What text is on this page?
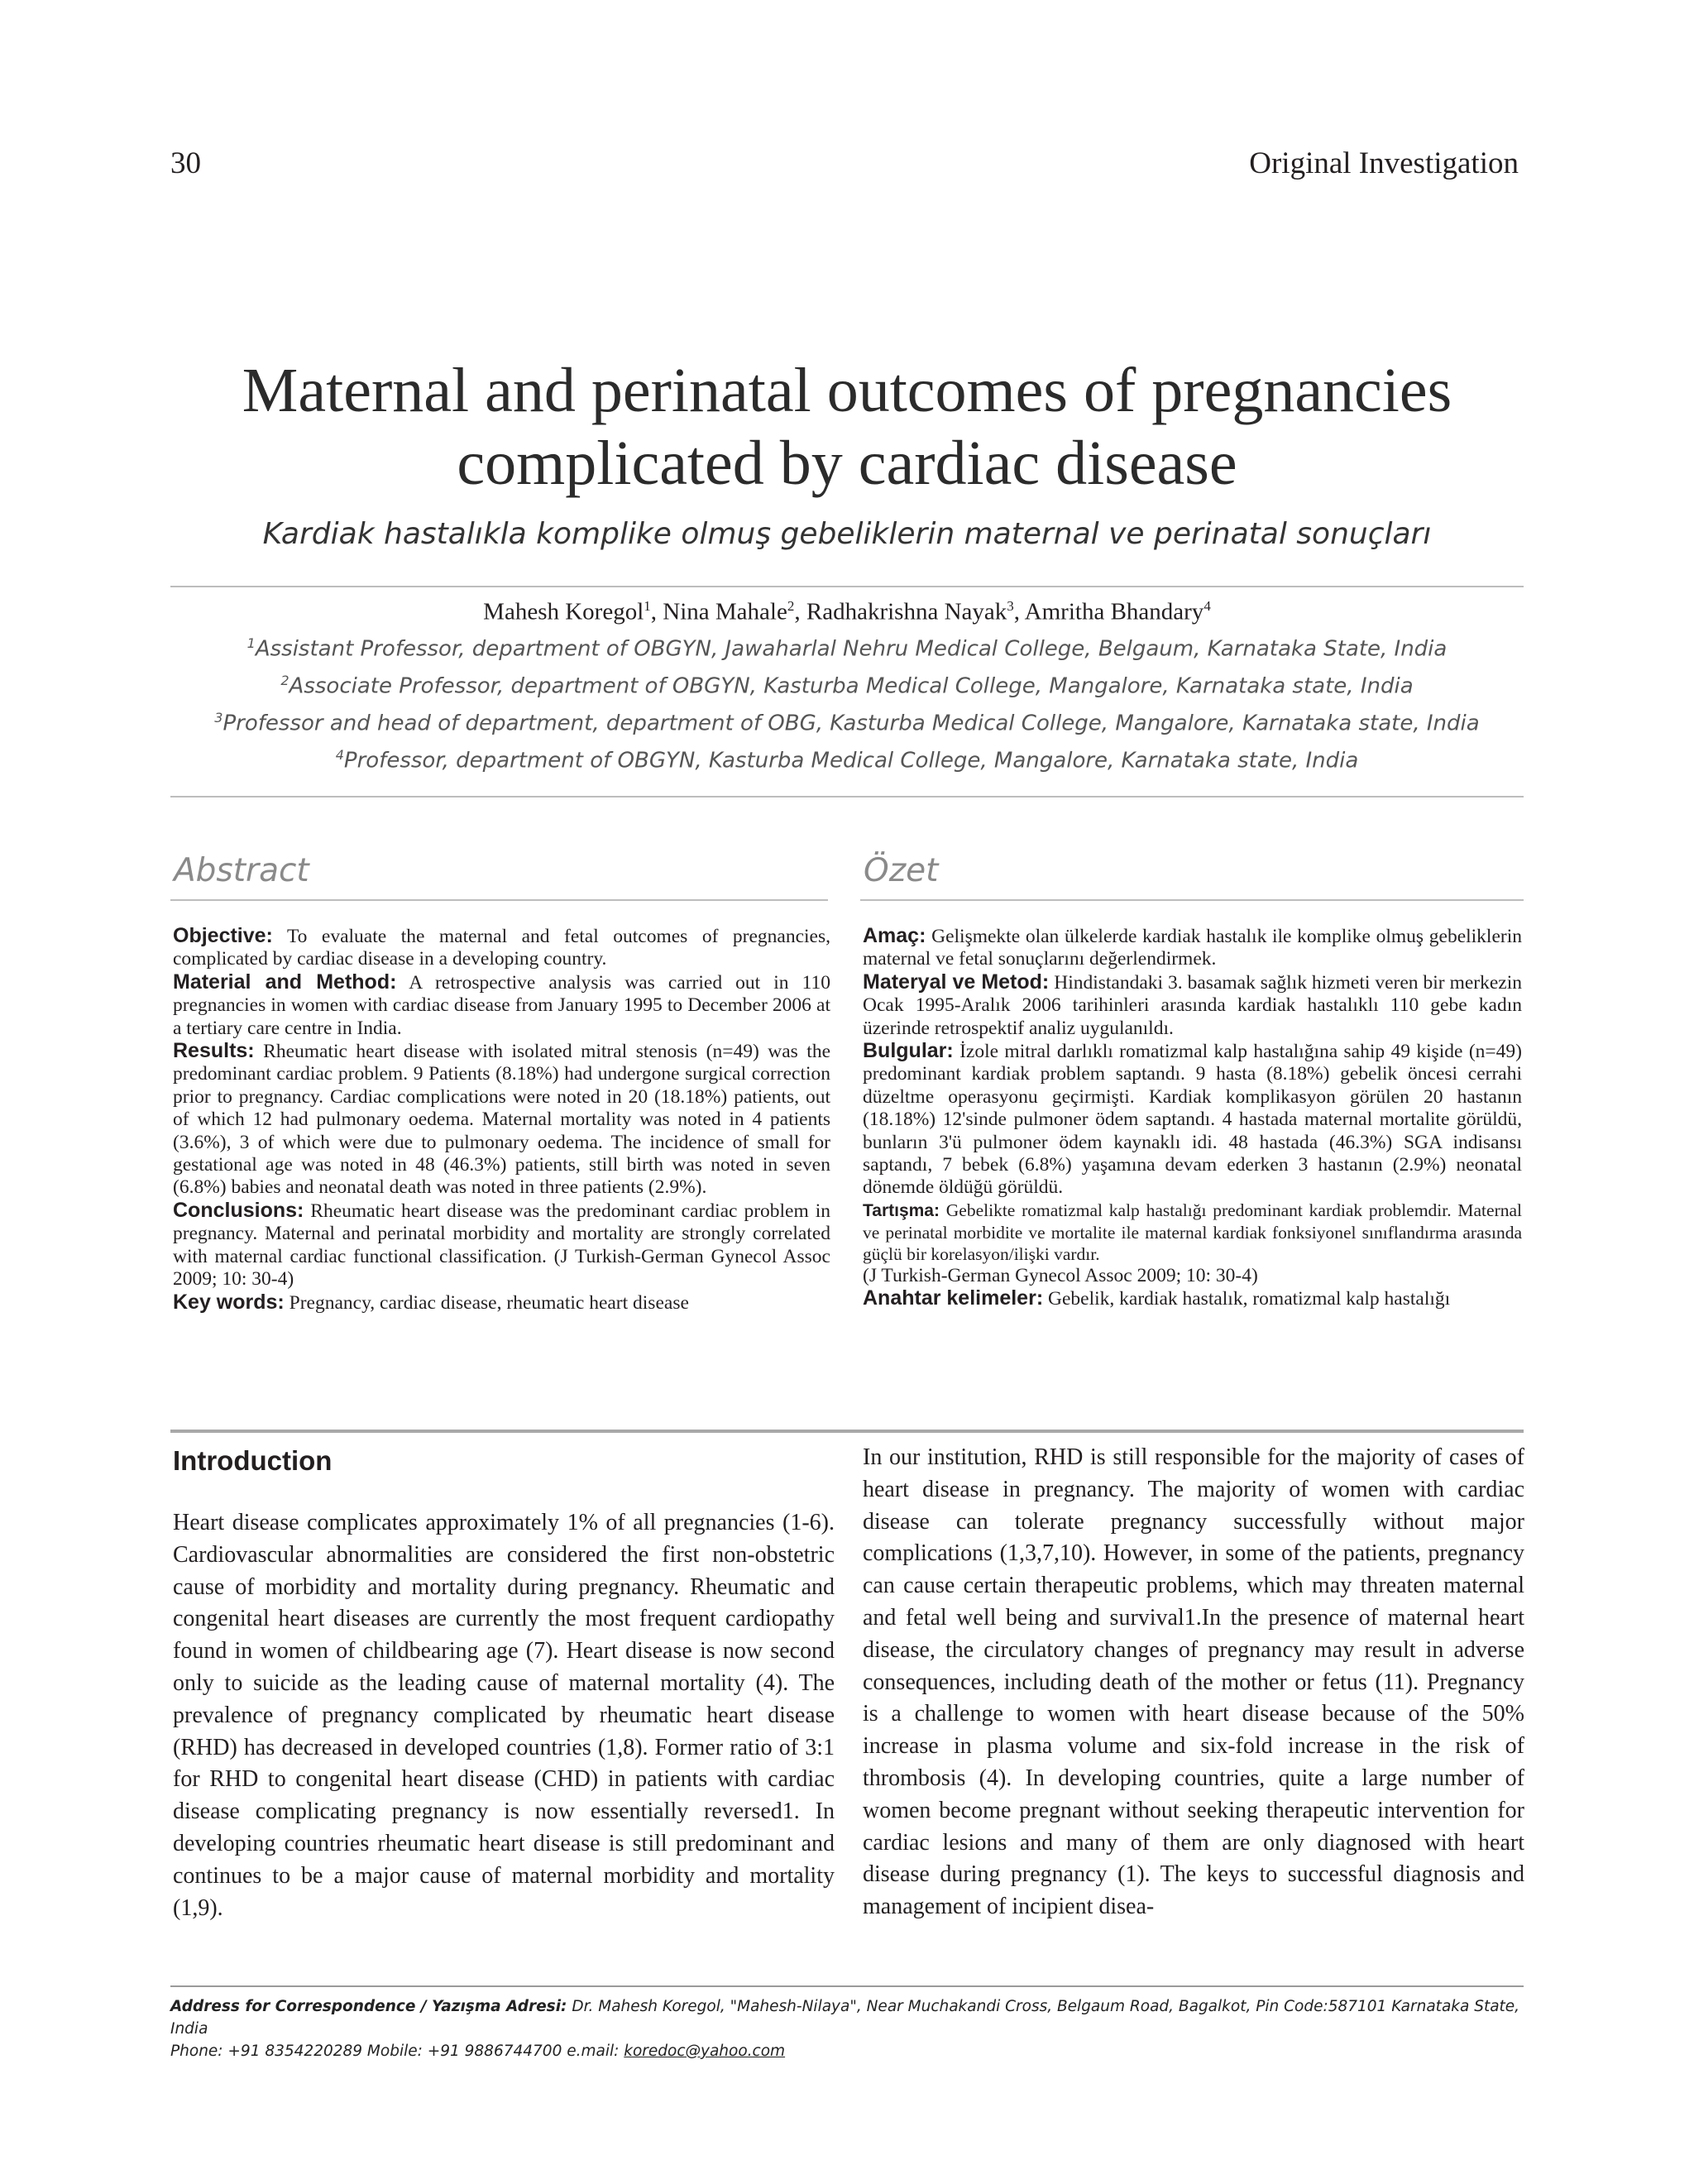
30	Original Investigation
Maternal and perinatal outcomes of pregnancies
complicated by cardiac disease
Kardiak hastalıkla komplike olmuş gebeliklerin maternal ve perinatal sonuçları
Mahesh Koregol$^1$, Nina Mahale$^2$, Radhakrishna Nayak$^3$, Amritha Bhandary$^4$
$^1$Assistant Professor, department of OBGYN, Jawaharlal Nehru Medical College, Belgaum, Karnataka State, India
$^2$Associate Professor, department of OBGYN, Kasturba Medical College, Mangalore, Karnataka state, India
$^3$Professor and head of department, department of OBG, Kasturba Medical College, Mangalore, Karnataka state, India
$^4$Professor, department of OBGYN, Kasturba Medical College, Mangalore, Karnataka state, India
Abstract

Objective: To evaluate the maternal and fetal outcomes of pregnancies, complicated by cardiac disease in a developing country.

Material and Method: A retrospective analysis was carried out in 110 pregnancies in women with cardiac disease from January 1995 to December 2006 at a tertiary care centre in India.

Results: Rheumatic heart disease with isolated mitral stenosis (n=49) was the predominant cardiac problem. 9 Patients (8.18%) had undergone surgical correction prior to pregnancy. Cardiac complications were noted in 20 (18.18%) patients, out of which 12 had pulmonary oedema. Maternal mortality was noted in 4 patients (3.6%), 3 of which were due to pulmonary oedema. The incidence of small for gestational age was noted in 48 (46.3%) patients, still birth was noted in seven (6.8%) babies and neonatal death was noted in three patients (2.9%).

Conclusions: Rheumatic heart disease was the predominant cardiac problem in pregnancy. Maternal and perinatal morbidity and mortality are strongly correlated with maternal cardiac functional classification. (J Turkish-German Gynecol Assoc 2009; 10: 30-4)

Key words: Pregnancy, cardiac disease, rheumatic heart disease

Özet

Amaç: Gelişmekte olan ülkelerde kardiak hastalık ile komplike olmuş gebeliklerin maternal ve fetal sonuçlarını değerlendirmek.

Materyal ve Metod: Hindistandaki 3. basamak sağlık hizmeti veren bir merkezin Ocak 1995-Aralık 2006 tarihinleri arasında kardiak hastalıklı 110 gebe kadın üzerinde retrospektif analiz uygulanıldı.

Bulgular: İzole mitral darlıklı romatizmal kalp hastalığına sahip 49 kişide (n=49) predominant kardiak problem saptandı. 9 hasta (8.18%) gebelik öncesi cerrahi düzeltme operasyonu geçirmişti. Kardiak komplikasyon görülen 20 hastanın (18.18%) 12'sinde pulmoner ödem saptandı. 4 hastada maternal mortalite görüldü, bunların 3'ü pulmoner ödem kaynaklı idi. 48 hastada (46.3%) SGA indisansı saptandı, 7 bebek (6.8%) yaşamına devam ederken 3 hastanın (2.9%) neonatal dönemde öldüğü görüldü.

Tartışma: Gebelikte romatizmal kalp hastalığı predominant kardiak problemdir. Maternal ve perinatal morbidite ve mortalite ile maternal kardiak fonksiyonel sınıflandırma arasında güçlü bir korelasyon/ilişki vardır.

(J Turkish-German Gynecol Assoc 2009; 10: 30-4)

Anahtar kelimeler: Gebelik, kardiak hastalık, romatizmal kalp hastalığı

Introduction

Heart disease complicates approximately 1% of all pregnancies (1-6). Cardiovascular abnormalities are considered the first non-obstetric cause of morbidity and mortality during pregnancy. Rheumatic and congenital heart diseases are currently the most frequent cardiopathy found in women of childbearing age (7). Heart disease is now second only to suicide as the leading cause of maternal mortality (4). The prevalence of pregnancy complicated by rheumatic heart disease (RHD) has decreased in developed countries (1,8). Former ratio of 3:1 for RHD to congenital heart disease (CHD) in patients with cardiac disease complicating pregnancy is now essentially reversed1. In developing countries rheumatic heart disease is still predominant and continues to be a major cause of maternal morbidity and mortality (1,9).

In our institution, RHD is still responsible for the majority of cases of heart disease in pregnancy. The majority of women with cardiac disease can tolerate pregnancy successfully without major complications (1,3,7,10). However, in some of the patients, pregnancy can cause certain therapeutic problems, which may threaten maternal and fetal well being and survival1.In the presence of maternal heart disease, the circulatory changes of pregnancy may result in adverse consequences, including death of the mother or fetus (11). Pregnancy is a challenge to women with heart disease because of the 50% increase in plasma volume and six-fold increase in the risk of thrombosis (4). In developing countries, quite a large number of women become pregnant without seeking therapeutic intervention for cardiac lesions and many of them are only diagnosed with heart disease during pregnancy (1). The keys to successful diagnosis and management of incipient disea-

Address for Correspondence / Yazışma Adresi: Dr. Mahesh Koregol, "Mahesh-Nilaya", Near Muchakandi Cross, Belgaum Road, Bagalkot, Pin Code:587101 Karnataka State, India
Phone: +91 8354220289 Mobile: +91 9886744700 e.mail: koredoc@yahoo.com
